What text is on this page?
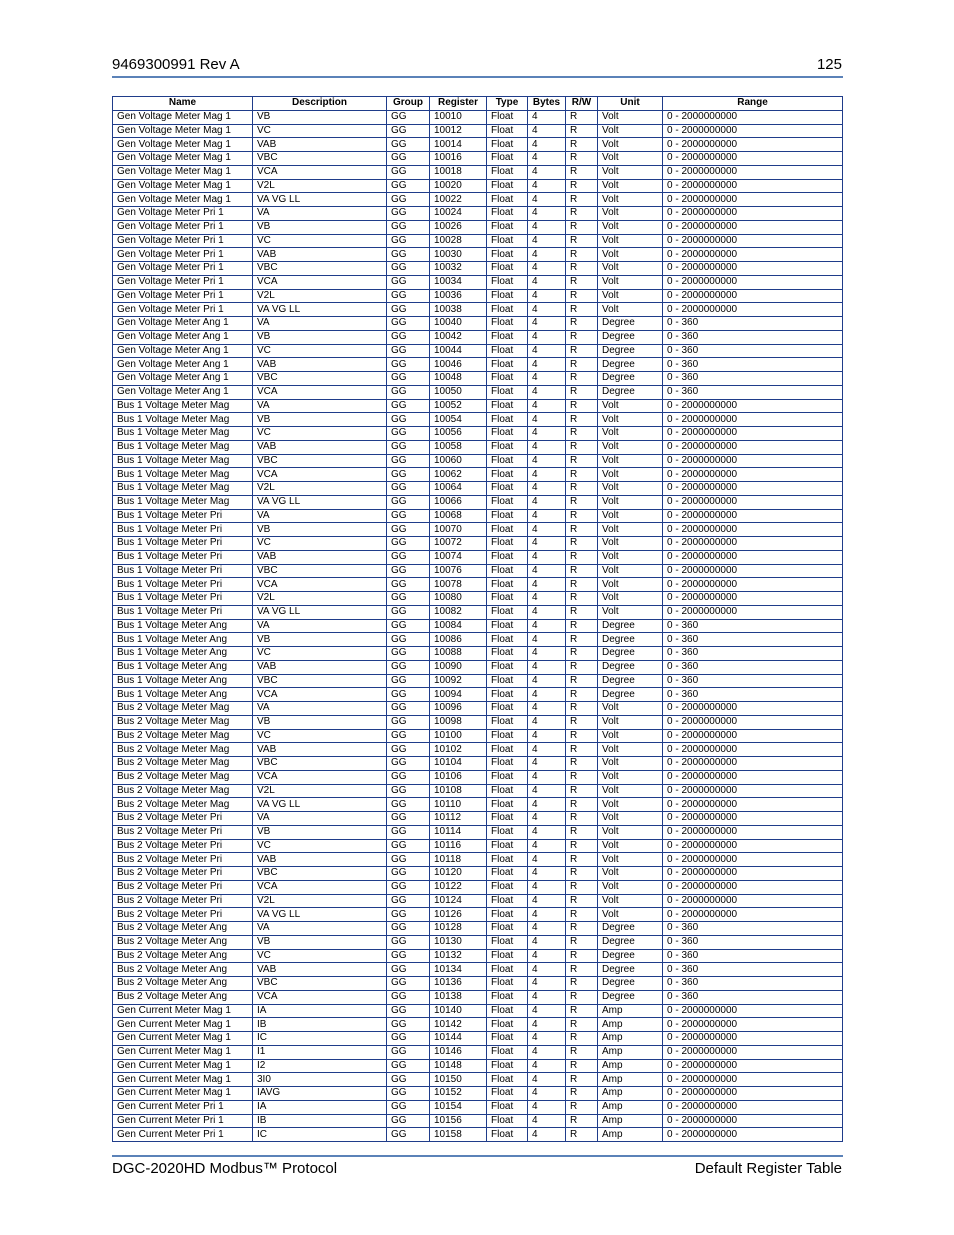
9469300991 Rev A	125
Name	Description	Group	Register	Type	Bytes	R/W	Unit	Range
Gen Voltage Meter Mag 1	VB	GG	10010	Float	4	R	Volt	0 - 2000000000
Gen Voltage Meter Mag 1	VC	GG	10012	Float	4	R	Volt	0 - 2000000000
Gen Voltage Meter Mag 1	VAB	GG	10014	Float	4	R	Volt	0 - 2000000000
Gen Voltage Meter Mag 1	VBC	GG	10016	Float	4	R	Volt	0 - 2000000000
Gen Voltage Meter Mag 1	VCA	GG	10018	Float	4	R	Volt	0 - 2000000000
Gen Voltage Meter Mag 1	V2L	GG	10020	Float	4	R	Volt	0 - 2000000000
Gen Voltage Meter Mag 1	VA VG LL	GG	10022	Float	4	R	Volt	0 - 2000000000
Gen Voltage Meter Pri 1	VA	GG	10024	Float	4	R	Volt	0 - 2000000000
Gen Voltage Meter Pri 1	VB	GG	10026	Float	4	R	Volt	0 - 2000000000
Gen Voltage Meter Pri 1	VC	GG	10028	Float	4	R	Volt	0 - 2000000000
Gen Voltage Meter Pri 1	VAB	GG	10030	Float	4	R	Volt	0 - 2000000000
Gen Voltage Meter Pri 1	VBC	GG	10032	Float	4	R	Volt	0 - 2000000000
Gen Voltage Meter Pri 1	VCA	GG	10034	Float	4	R	Volt	0 - 2000000000
Gen Voltage Meter Pri 1	V2L	GG	10036	Float	4	R	Volt	0 - 2000000000
Gen Voltage Meter Pri 1	VA VG LL	GG	10038	Float	4	R	Volt	0 - 2000000000
Gen Voltage Meter Ang 1	VA	GG	10040	Float	4	R	Degree	0 - 360
Gen Voltage Meter Ang 1	VB	GG	10042	Float	4	R	Degree	0 - 360
Gen Voltage Meter Ang 1	VC	GG	10044	Float	4	R	Degree	0 - 360
Gen Voltage Meter Ang 1	VAB	GG	10046	Float	4	R	Degree	0 - 360
Gen Voltage Meter Ang 1	VBC	GG	10048	Float	4	R	Degree	0 - 360
Gen Voltage Meter Ang 1	VCA	GG	10050	Float	4	R	Degree	0 - 360
Bus 1 Voltage Meter Mag	VA	GG	10052	Float	4	R	Volt	0 - 2000000000
Bus 1 Voltage Meter Mag	VB	GG	10054	Float	4	R	Volt	0 - 2000000000
Bus 1 Voltage Meter Mag	VC	GG	10056	Float	4	R	Volt	0 - 2000000000
Bus 1 Voltage Meter Mag	VAB	GG	10058	Float	4	R	Volt	0 - 2000000000
Bus 1 Voltage Meter Mag	VBC	GG	10060	Float	4	R	Volt	0 - 2000000000
Bus 1 Voltage Meter Mag	VCA	GG	10062	Float	4	R	Volt	0 - 2000000000
Bus 1 Voltage Meter Mag	V2L	GG	10064	Float	4	R	Volt	0 - 2000000000
Bus 1 Voltage Meter Mag	VA VG LL	GG	10066	Float	4	R	Volt	0 - 2000000000
Bus 1 Voltage Meter Pri	VA	GG	10068	Float	4	R	Volt	0 - 2000000000
Bus 1 Voltage Meter Pri	VB	GG	10070	Float	4	R	Volt	0 - 2000000000
Bus 1 Voltage Meter Pri	VC	GG	10072	Float	4	R	Volt	0 - 2000000000
Bus 1 Voltage Meter Pri	VAB	GG	10074	Float	4	R	Volt	0 - 2000000000
Bus 1 Voltage Meter Pri	VBC	GG	10076	Float	4	R	Volt	0 - 2000000000
Bus 1 Voltage Meter Pri	VCA	GG	10078	Float	4	R	Volt	0 - 2000000000
Bus 1 Voltage Meter Pri	V2L	GG	10080	Float	4	R	Volt	0 - 2000000000
Bus 1 Voltage Meter Pri	VA VG LL	GG	10082	Float	4	R	Volt	0 - 2000000000
Bus 1 Voltage Meter Ang	VA	GG	10084	Float	4	R	Degree	0 - 360
Bus 1 Voltage Meter Ang	VB	GG	10086	Float	4	R	Degree	0 - 360
Bus 1 Voltage Meter Ang	VC	GG	10088	Float	4	R	Degree	0 - 360
Bus 1 Voltage Meter Ang	VAB	GG	10090	Float	4	R	Degree	0 - 360
Bus 1 Voltage Meter Ang	VBC	GG	10092	Float	4	R	Degree	0 - 360
Bus 1 Voltage Meter Ang	VCA	GG	10094	Float	4	R	Degree	0 - 360
Bus 2 Voltage Meter Mag	VA	GG	10096	Float	4	R	Volt	0 - 2000000000
Bus 2 Voltage Meter Mag	VB	GG	10098	Float	4	R	Volt	0 - 2000000000
Bus 2 Voltage Meter Mag	VC	GG	10100	Float	4	R	Volt	0 - 2000000000
Bus 2 Voltage Meter Mag	VAB	GG	10102	Float	4	R	Volt	0 - 2000000000
Bus 2 Voltage Meter Mag	VBC	GG	10104	Float	4	R	Volt	0 - 2000000000
Bus 2 Voltage Meter Mag	VCA	GG	10106	Float	4	R	Volt	0 - 2000000000
Bus 2 Voltage Meter Mag	V2L	GG	10108	Float	4	R	Volt	0 - 2000000000
Bus 2 Voltage Meter Mag	VA VG LL	GG	10110	Float	4	R	Volt	0 - 2000000000
Bus 2 Voltage Meter Pri	VA	GG	10112	Float	4	R	Volt	0 - 2000000000
Bus 2 Voltage Meter Pri	VB	GG	10114	Float	4	R	Volt	0 - 2000000000
Bus 2 Voltage Meter Pri	VC	GG	10116	Float	4	R	Volt	0 - 2000000000
Bus 2 Voltage Meter Pri	VAB	GG	10118	Float	4	R	Volt	0 - 2000000000
Bus 2 Voltage Meter Pri	VBC	GG	10120	Float	4	R	Volt	0 - 2000000000
Bus 2 Voltage Meter Pri	VCA	GG	10122	Float	4	R	Volt	0 - 2000000000
Bus 2 Voltage Meter Pri	V2L	GG	10124	Float	4	R	Volt	0 - 2000000000
Bus 2 Voltage Meter Pri	VA VG LL	GG	10126	Float	4	R	Volt	0 - 2000000000
Bus 2 Voltage Meter Ang	VA	GG	10128	Float	4	R	Degree	0 - 360
Bus 2 Voltage Meter Ang	VB	GG	10130	Float	4	R	Degree	0 - 360
Bus 2 Voltage Meter Ang	VC	GG	10132	Float	4	R	Degree	0 - 360
Bus 2 Voltage Meter Ang	VAB	GG	10134	Float	4	R	Degree	0 - 360
Bus 2 Voltage Meter Ang	VBC	GG	10136	Float	4	R	Degree	0 - 360
Bus 2 Voltage Meter Ang	VCA	GG	10138	Float	4	R	Degree	0 - 360
Gen Current Meter Mag 1	IA	GG	10140	Float	4	R	Amp	0 - 2000000000
Gen Current Meter Mag 1	IB	GG	10142	Float	4	R	Amp	0 - 2000000000
Gen Current Meter Mag 1	IC	GG	10144	Float	4	R	Amp	0 - 2000000000
Gen Current Meter Mag 1	I1	GG	10146	Float	4	R	Amp	0 - 2000000000
Gen Current Meter Mag 1	I2	GG	10148	Float	4	R	Amp	0 - 2000000000
Gen Current Meter Mag 1	3I0	GG	10150	Float	4	R	Amp	0 - 2000000000
Gen Current Meter Mag 1	IAVG	GG	10152	Float	4	R	Amp	0 - 2000000000
Gen Current Meter Pri 1	IA	GG	10154	Float	4	R	Amp	0 - 2000000000
Gen Current Meter Pri 1	IB	GG	10156	Float	4	R	Amp	0 - 2000000000
Gen Current Meter Pri 1	IC	GG	10158	Float	4	R	Amp	0 - 2000000000
DGC-2020HD Modbus™ Protocol	Default Register Table
